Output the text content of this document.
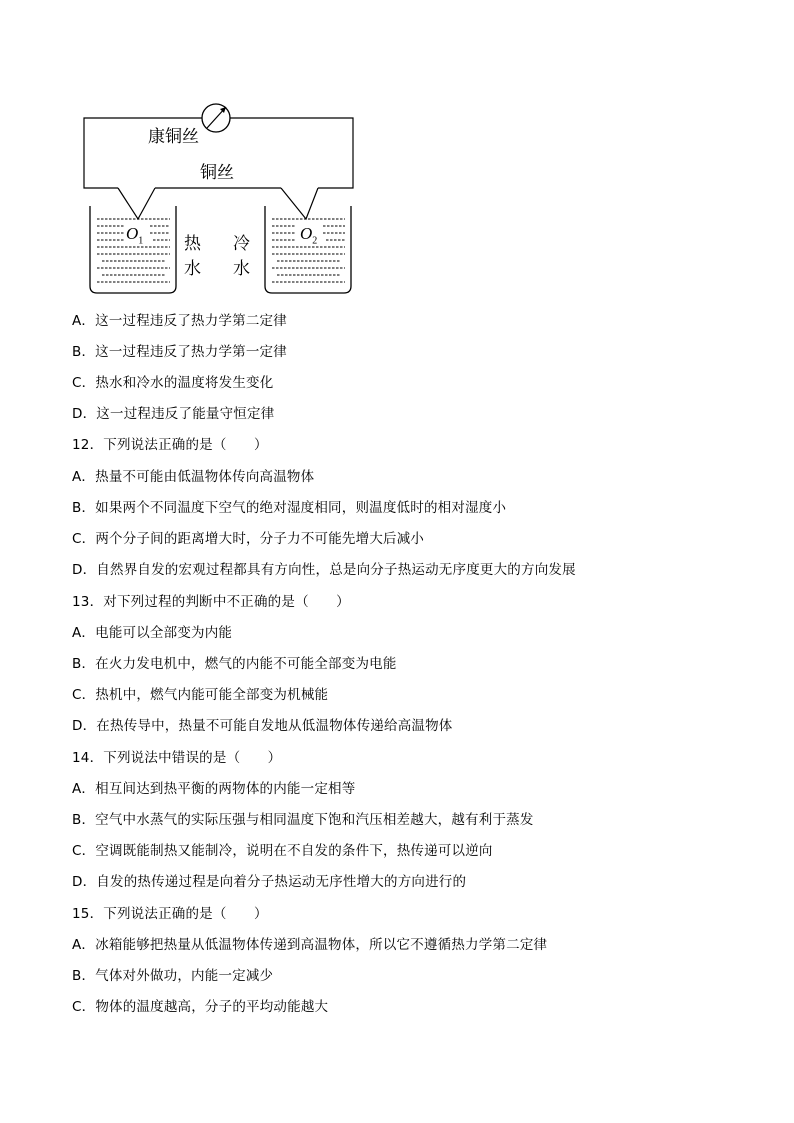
康铜丝
铜丝
$O_1$	$O_2$
热
水
冷
水
A．这一过程违反了热力学第二定律
B．这一过程违反了热力学第一定律
C．热水和冷水的温度将发生变化
D．这一过程违反了能量守恒定律
12．下列说法正确的是（　　）
A．热量不可能由低温物体传向高温物体
B．如果两个不同温度下空气的绝对湿度相同，则温度低时的相对湿度小
C．两个分子间的距离增大时，分子力不可能先增大后减小
D．自然界自发的宏观过程都具有方向性，总是向分子热运动无序度更大的方向发展
13．对下列过程的判断中不正确的是（　　）
A．电能可以全部变为内能
B．在火力发电机中，燃气的内能不可能全部变为电能
C．热机中，燃气内能可能全部变为机械能
D．在热传导中，热量不可能自发地从低温物体传递给高温物体
14．下列说法中错误的是（　　）
A．相互间达到热平衡的两物体的内能一定相等
B．空气中水蒸气的实际压强与相同温度下饱和汽压相差越大，越有利于蒸发
C．空调既能制热又能制冷，说明在不自发的条件下，热传递可以逆向
D．自发的热传递过程是向着分子热运动无序性增大的方向进行的
15．下列说法正确的是（　　）
A．冰箱能够把热量从低温物体传递到高温物体，所以它不遵循热力学第二定律
B．气体对外做功，内能一定减少
C．物体的温度越高，分子的平均动能越大
